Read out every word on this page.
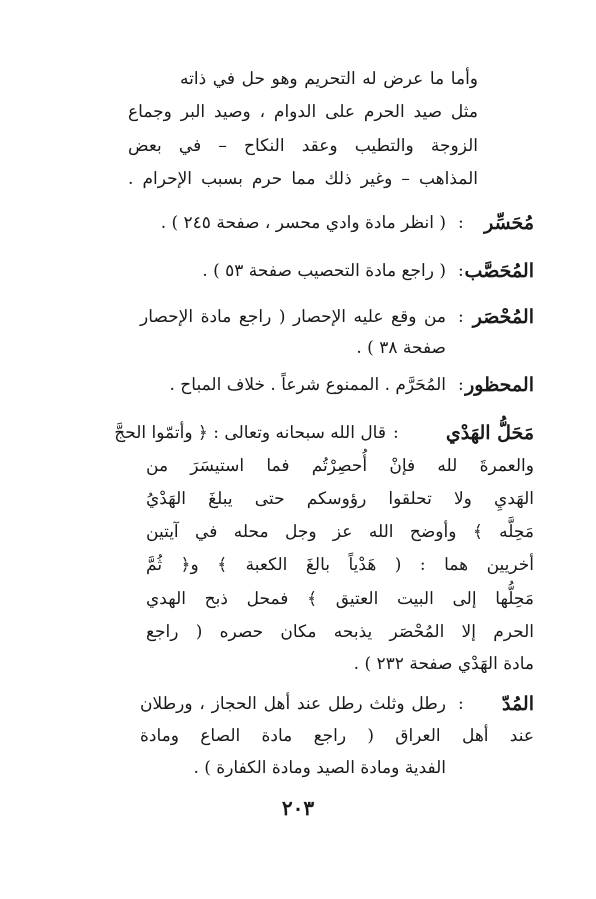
وأما ما عرض له التحريم وهو حل في ذاته
مثل صيد الحرم على الدوام ، وصيد البر وجماع
الزوجة والتطيب وعقد النكاح – في بعض
المذاهب – وغير ذلك مما حرم بسبب الإحرام .
مُحَسِّر
:
( انظر مادة وادي محسر ، صفحة ٢٤٥ ) .
المُحَصَّب
:
( راجع مادة التحصيب صفحة ٥٣ ) .
المُحْصَر
:
من وقع عليه الإحصار ( راجع مادة الإحصار
صفحة ٣٨ ) .
المحظور
:
المُحَرَّم . الممنوع شرعاً . خلاف المباح .
مَحَلُّ الهَدْي
:
قال الله سبحانه وتعالى : ﴿ وأتمّوا الحجَّ
والعمرةَ لله فإنْ أُحصِرْتُم فما استيسَرَ من
الهَديِ ولا تحلقوا رؤوسكم حتى يبلغَ الهَدْيُ
مَحِلَّه ﴾ وأوضح الله عز وجل محله في آيتين
أخريين هما : ( هَدْياً بالغَ الكعبة ﴾ و﴿ ثُمَّ
مَحِلُّها إلى البيت العتيق ﴾ فمحل ذبح الهدي
الحرم إلا المُحْصَر يذبحه مكان حصره ( راجع
مادة الهَدْي صفحة ٢٣٢ ) .
المُدّ
:
رطل وثلث رطل عند أهل الحجاز ، ورطلان
عند أهل العراق ( راجع مادة الصاع ومادة
الفدية ومادة الصيد ومادة الكفارة ) .
٢٠٣
